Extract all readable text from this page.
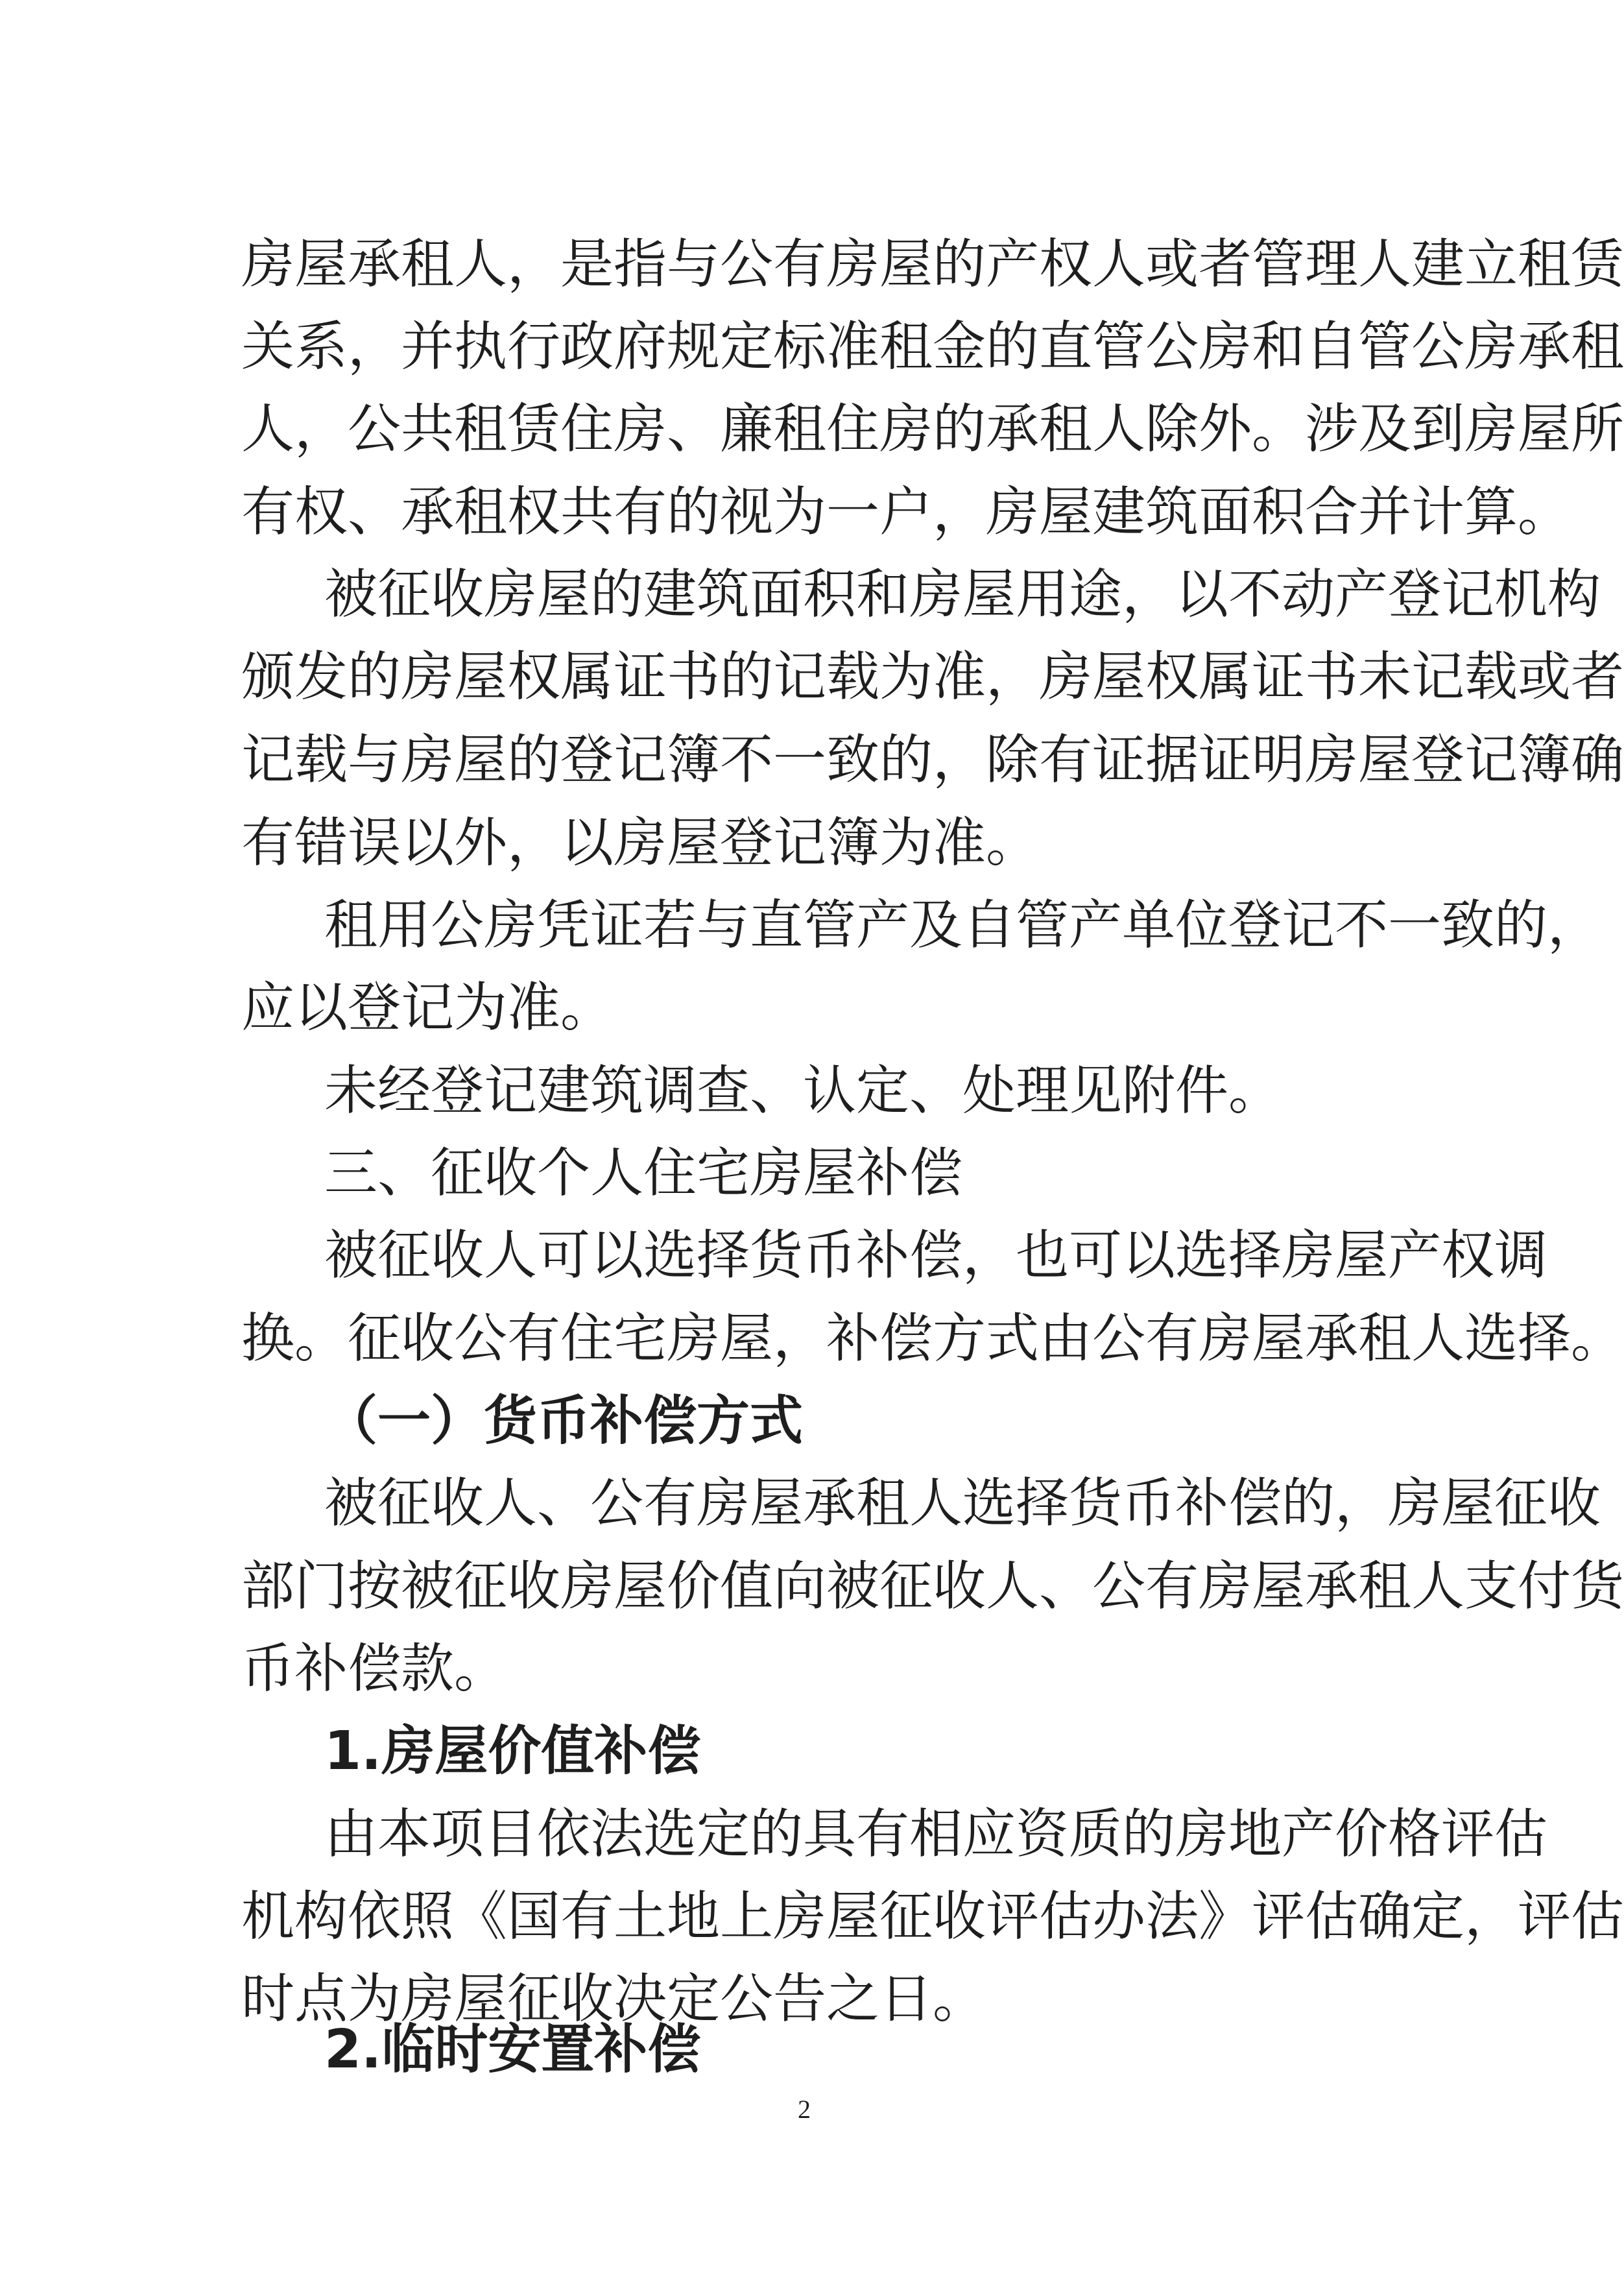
房屋承租人，是指与公有房屋的产权人或者管理人建立租赁
关系，并执行政府规定标准租金的直管公房和自管公房承租
人，公共租赁住房、廉租住房的承租人除外。涉及到房屋所
有权、承租权共有的视为一户，房屋建筑面积合并计算。
被征收房屋的建筑面积和房屋用途，以不动产登记机构
颁发的房屋权属证书的记载为准，房屋权属证书未记载或者
记载与房屋的登记簿不一致的，除有证据证明房屋登记簿确
有错误以外，以房屋登记簿为准。
租用公房凭证若与直管产及自管产单位登记不一致的，
应以登记为准。
未经登记建筑调查、认定、处理见附件。
三、征收个人住宅房屋补偿
被征收人可以选择货币补偿，也可以选择房屋产权调
换。征收公有住宅房屋，补偿方式由公有房屋承租人选择。
（一）货币补偿方式
被征收人、公有房屋承租人选择货币补偿的，房屋征收
部门按被征收房屋价值向被征收人、公有房屋承租人支付货
币补偿款。
1.房屋价值补偿
由本项目依法选定的具有相应资质的房地产价格评估
机构依照《国有土地上房屋征收评估办法》评估确定，评估
时点为房屋征收决定公告之日。
2.临时安置补偿
2
